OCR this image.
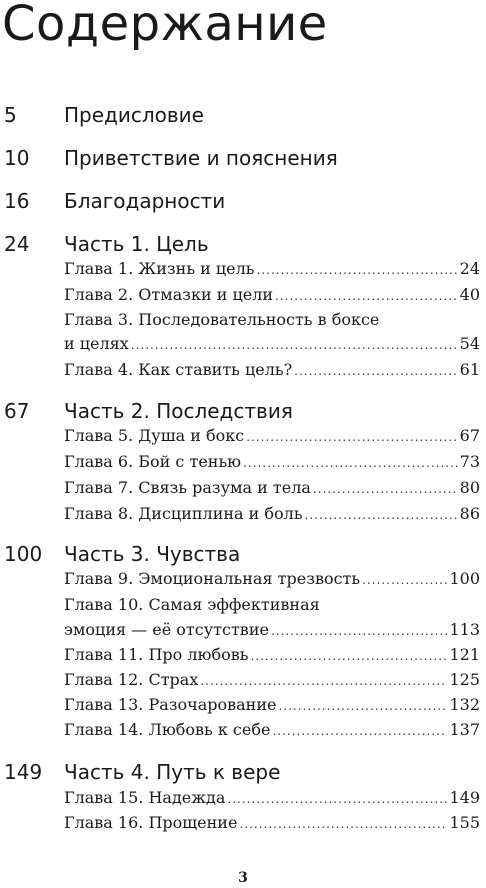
Содержание
5 Предисловие
10 Приветствие и пояснения
16 Благодарности
24 Часть 1. Цель
Глава 1. Жизнь и цель .....	24
Глава 2. Отмазки и цели .....	40
Глава 3. Последовательность в боксе
и целях .....	54
Глава 4. Как ставить цель? .....	61
67 Часть 2. Последствия
Глава 5. Душа и бокс .....	67
Глава 6. Бой с тенью .....	73
Глава 7. Связь разума и тела .....	80
Глава 8. Дисциплина и боль .....	86
100 Часть 3. Чувства
Глава 9. Эмоциональная трезвость .....	100
Глава 10. Самая эффективная
эмоция — её отсутствие .....	113
Глава 11. Про любовь .....	121
Глава 12. Страх .....	125
Глава 13. Разочарование .....	132
Глава 14. Любовь к себе .....	137
149 Часть 4. Путь к вере
Глава 15. Надежда .....	149
Глава 16. Прощение .....	155
3
